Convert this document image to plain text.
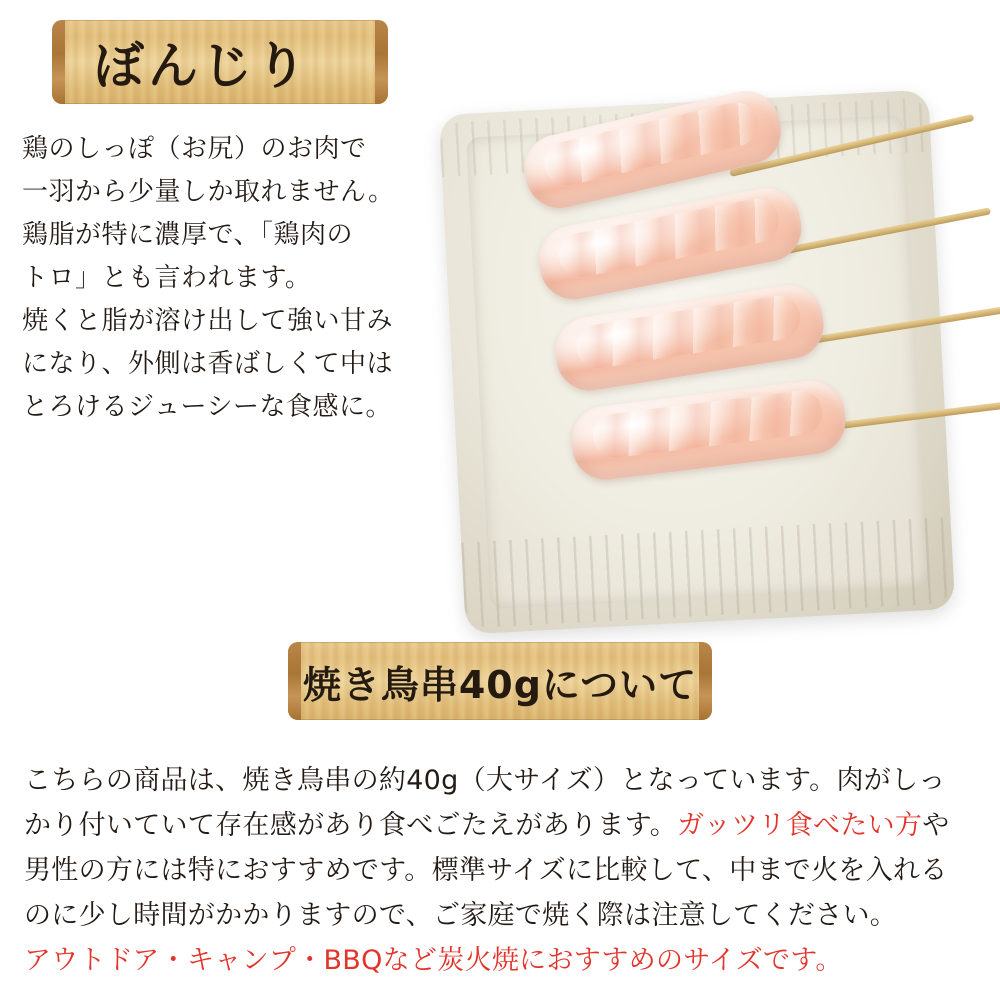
ぼんじり
鶏のしっぽ（お尻）のお肉で
一羽から少量しか取れません。
鶏脂が特に濃厚で、「鶏肉の
トロ」とも言われます。
焼くと脂が溶け出して強い甘み
になり、外側は香ばしくて中は
とろけるジューシーな食感に。
焼き鳥串40gについて
こちらの商品は、焼き鳥串の約40g（大サイズ）となっています。肉がしっ
かり付いていて存在感があり食べごたえがあります。ガッツリ食べたい方や
男性の方には特におすすめです。標準サイズに比較して、中まで火を入れる
のに少し時間がかかりますので、ご家庭で焼く際は注意してください。
アウトドア・キャンプ・BBQなど炭火焼におすすめのサイズです。
